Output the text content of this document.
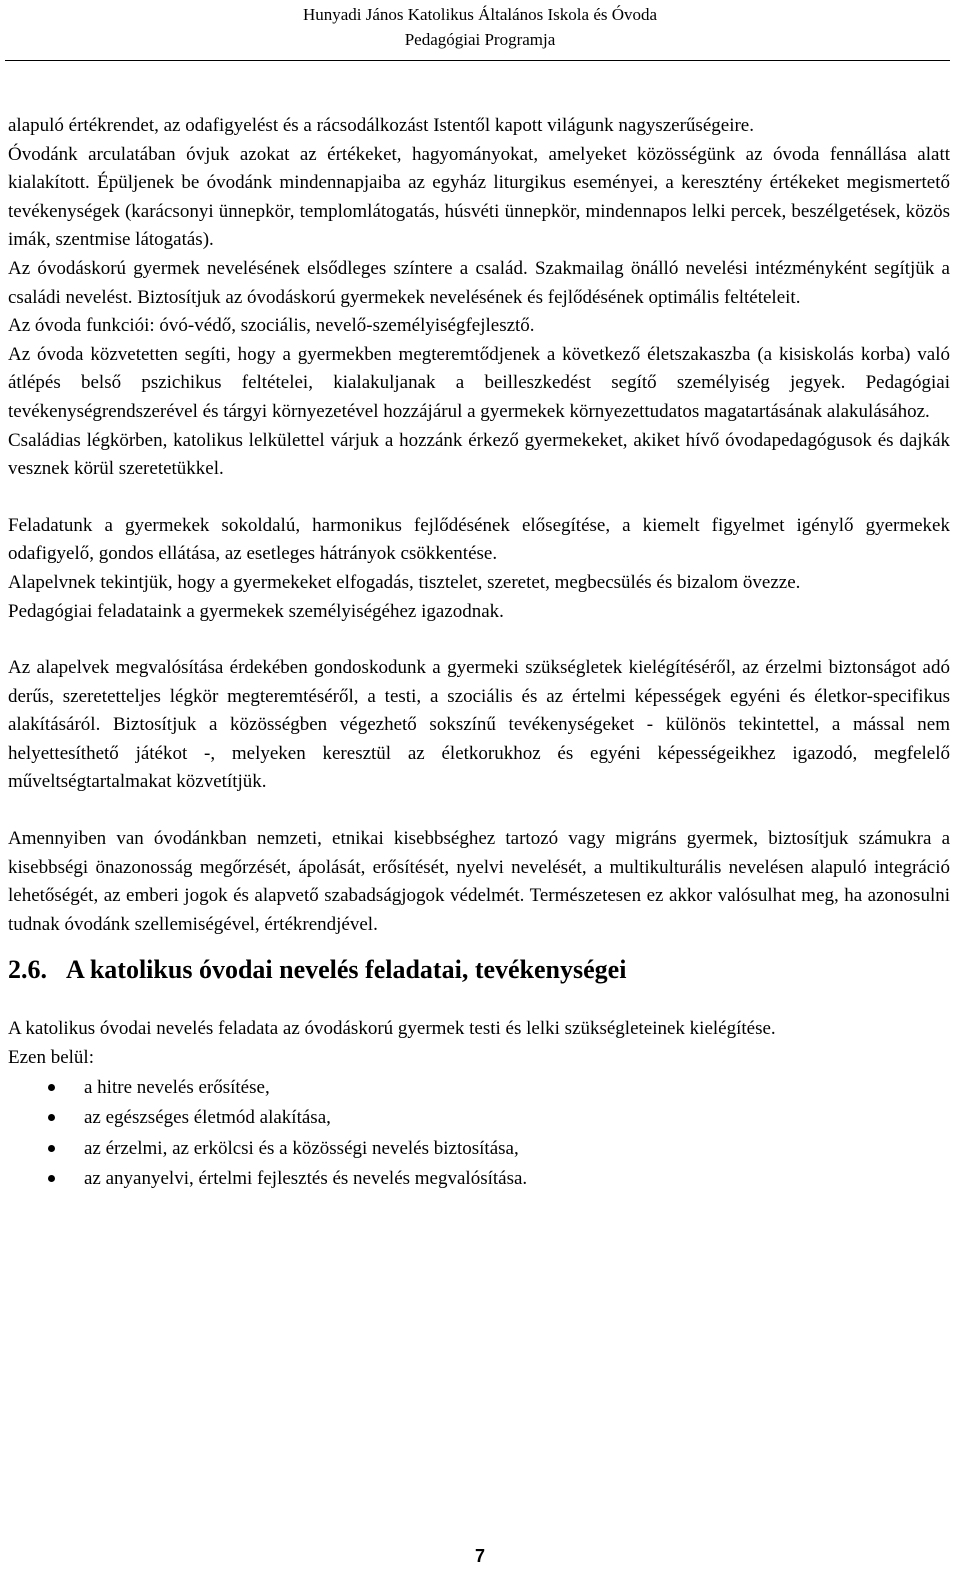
Hunyadi János Katolikus Általános Iskola és Óvoda
Pedagógiai Programja

alapuló értékrendet, az odafigyelést és a rácsodálkozást Istentől kapott világunk nagyszerűségeire.

Óvodánk arculatában óvjuk azokat az értékeket, hagyományokat, amelyeket közösségünk az óvoda fennállása alatt kialakított. Épüljenek be óvodánk mindennapjaiba az egyház liturgikus eseményei, a keresztény értékeket megismertető tevékenységek (karácsonyi ünnepkör, templomlátogatás, húsvéti ünnepkör, mindennapos lelki percek, beszélgetések, közös imák, szentmise látogatás).

Az óvodáskorú gyermek nevelésének elsődleges színtere a család. Szakmailag önálló nevelési intézményként segítjük a családi nevelést. Biztosítjuk az óvodáskorú gyermekek nevelésének és fejlődésének optimális feltételeit.

Az óvoda funkciói: óvó-védő, szociális, nevelő-személyiségfejlesztő.

Az óvoda közvetetten segíti, hogy a gyermekben megteremtődjenek a következő életszakaszba (a kisiskolás korba) való átlépés belső pszichikus feltételei, kialakuljanak a beilleszkedést segítő személyiség jegyek. Pedagógiai tevékenységrendszerével és tárgyi környezetével hozzájárul a gyermekek környezettudatos magatartásának alakulásához.

Családias légkörben, katolikus lelkülettel várjuk a hozzánk érkező gyermekeket, akiket hívő óvodapedagógusok és dajkák vesznek körül szeretetükkel.

Feladatunk a gyermekek sokoldalú, harmonikus fejlődésének elősegítése, a kiemelt figyelmet igénylő gyermekek odafigyelő, gondos ellátása, az esetleges hátrányok csökkentése.

Alapelvnek tekintjük, hogy a gyermekeket elfogadás, tisztelet, szeretet, megbecsülés és bizalom övezze.

Pedagógiai feladataink a gyermekek személyiségéhez igazodnak.

Az alapelvek megvalósítása érdekében gondoskodunk a gyermeki szükségletek kielégítéséről, az érzelmi biztonságot adó derűs, szeretetteljes légkör megteremtéséről, a testi, a szociális és az értelmi képességek egyéni és életkor-specifikus alakításáról. Biztosítjuk a közösségben végezhető sokszínű tevékenységeket - különös tekintettel, a mással nem helyettesíthető játékot -, melyeken keresztül az életkorukhoz és egyéni képességeikhez igazodó, megfelelő műveltségtartalmakat közvetítjük.

Amennyiben van óvodánkban nemzeti, etnikai kisebbséghez tartozó vagy migráns gyermek, biztosítjuk számukra a kisebbségi önazonosság megőrzését, ápolását, erősítését, nyelvi nevelését, a multikulturális nevelésen alapuló integráció lehetőségét, az emberi jogok és alapvető szabadságjogok védelmét. Természetesen ez akkor valósulhat meg, ha azonosulni tudnak óvodánk szellemiségével, értékrendjével.

2.6. A katolikus óvodai nevelés feladatai, tevékenységei

A katolikus óvodai nevelés feladata az óvodáskorú gyermek testi és lelki szükségleteinek kielégítése.

Ezen belül:

a hitre nevelés erősítése,
az egészséges életmód alakítása,
az érzelmi, az erkölcsi és a közösségi nevelés biztosítása,
az anyanyelvi, értelmi fejlesztés és nevelés megvalósítása.
7
